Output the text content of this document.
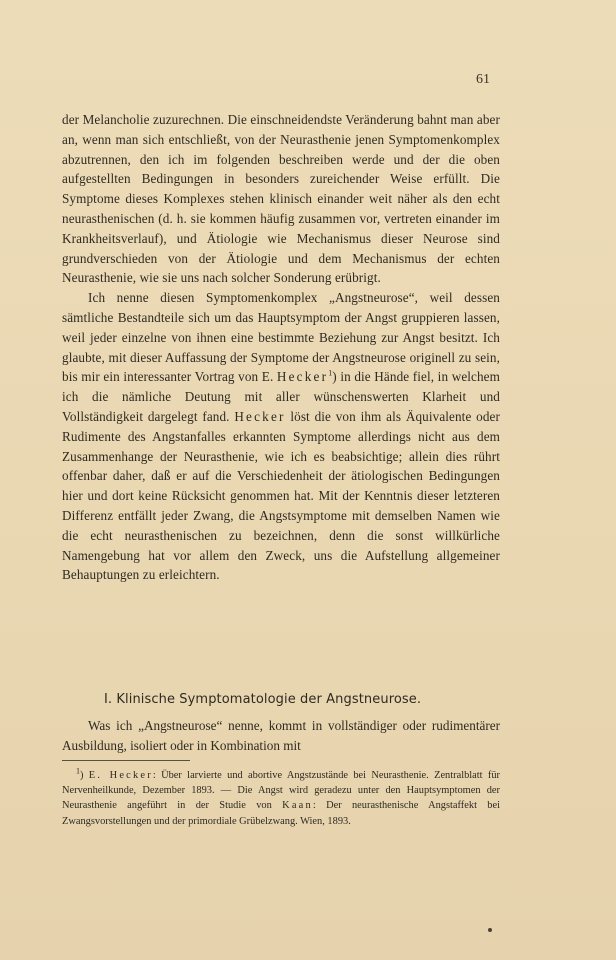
61

der Melancholie zuzurechnen. Die einschneidendste Veränderung bahnt man aber an, wenn man sich entschließt, von der Neurasthenie jenen Symptomenkomplex abzutrennen, den ich im folgenden beschreiben werde und der die oben aufgestellten Bedingungen in besonders zureichender Weise erfüllt. Die Symptome dieses Komplexes stehen klinisch einander weit näher als den echt neurasthenischen (d. h. sie kommen häufig zusammen vor, vertreten einander im Krankheitsverlauf), und Ätiologie wie Mechanismus dieser Neurose sind grundverschieden von der Ätiologie und dem Mechanismus der echten Neurasthenie, wie sie uns nach solcher Sonderung erübrigt.

Ich nenne diesen Symptomenkomplex „Angstneurose“, weil dessen sämtliche Bestandteile sich um das Hauptsymptom der Angst gruppieren lassen, weil jeder einzelne von ihnen eine bestimmte Beziehung zur Angst besitzt. Ich glaubte, mit dieser Auffassung der Symptome der Angstneurose originell zu sein, bis mir ein interessanter Vortrag von E. Hecker$^1$) in die Hände fiel, in welchem ich die nämliche Deutung mit aller wünschenswerten Klarheit und Vollständigkeit dargelegt fand. Hecker löst die von ihm als Äquivalente oder Rudimente des Angstanfalles erkannten Symptome allerdings nicht aus dem Zusammenhange der Neurasthenie, wie ich es beabsichtige; allein dies rührt offenbar daher, daß er auf die Verschiedenheit der ätiologischen Bedingungen hier und dort keine Rücksicht genommen hat. Mit der Kenntnis dieser letzteren Differenz entfällt jeder Zwang, die Angstsymptome mit demselben Namen wie die echt neurasthenischen zu bezeichnen, denn die sonst willkürliche Namengebung hat vor allem den Zweck, uns die Aufstellung allgemeiner Behauptungen zu erleichtern.

I. Klinische Symptomatologie der Angstneurose.

Was ich „Angstneurose“ nenne, kommt in vollständiger oder rudimentärer Ausbildung, isoliert oder in Kombination mit

$^1$) E. Hecker: Über larvierte und abortive Angstzustände bei Neurasthenie. Zentralblatt für Nervenheilkunde, Dezember 1893. — Die Angst wird geradezu unter den Hauptsymptomen der Neurasthenie angeführt in der Studie von Kaan: Der neurasthenische Angstaffekt bei Zwangsvorstellungen und der primordiale Grübelzwang. Wien, 1893.
